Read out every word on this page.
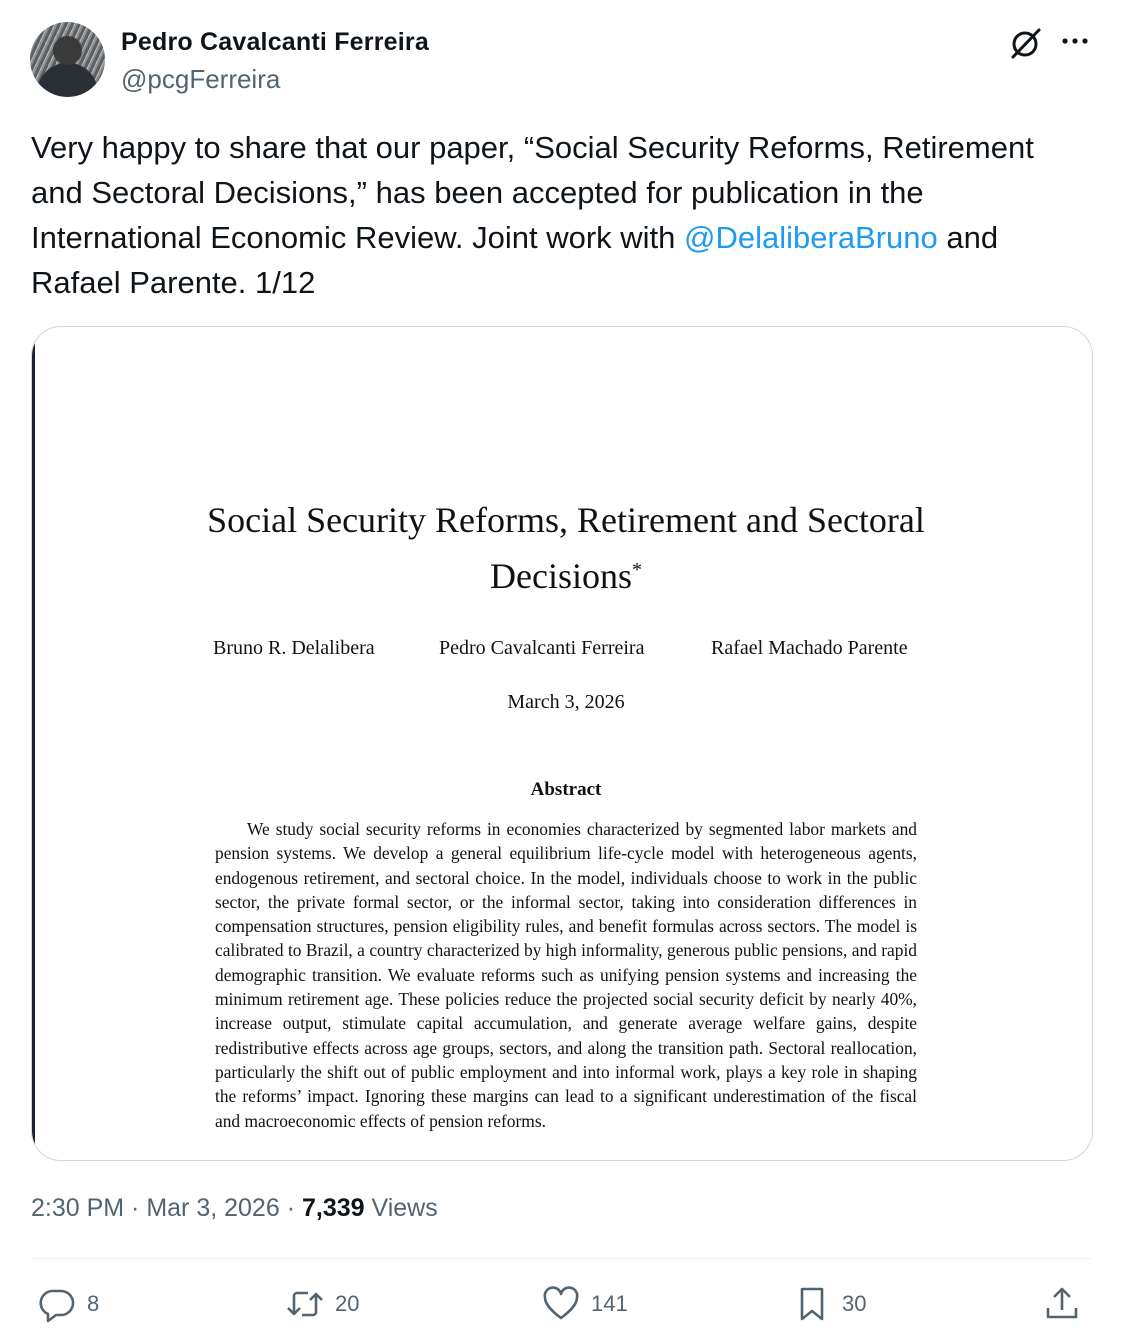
Pedro Cavalcanti Ferreira
@pcgFerreira
Very happy to share that our paper, “Social Security Reforms, Retirement and Sectoral Decisions,” has been accepted for publication in the International Economic Review. Joint work with @DelaliberaBruno and Rafael Parente. 1/12
Social Security Reforms, Retirement and Sectoral Decisions*
Bruno R. Delalibera	Pedro Cavalcanti Ferreira	Rafael Machado Parente
March 3, 2026
Abstract
We study social security reforms in economies characterized by segmented labor markets and pension systems. We develop a general equilibrium life-cycle model with heterogeneous agents, endogenous retirement, and sectoral choice. In the model, individuals choose to work in the public sector, the private formal sector, or the informal sector, taking into consideration differences in compensation structures, pension eligibility rules, and benefit formulas across sectors. The model is calibrated to Brazil, a country characterized by high informality, generous public pensions, and rapid demographic transition. We evaluate reforms such as unifying pension systems and increasing the minimum retirement age. These policies reduce the projected social security deficit by nearly 40%, increase output, stimulate capital accumulation, and generate average welfare gains, despite redistributive effects across age groups, sectors, and along the transition path. Sectoral reallocation, particularly the shift out of public employment and into informal work, plays a key role in shaping the reforms’ impact. Ignoring these margins can lead to a significant underestimation of the fiscal and macroeconomic effects of pension reforms.
2:30 PM · Mar 3, 2026 · 7,339 Views
8	20	141	30
